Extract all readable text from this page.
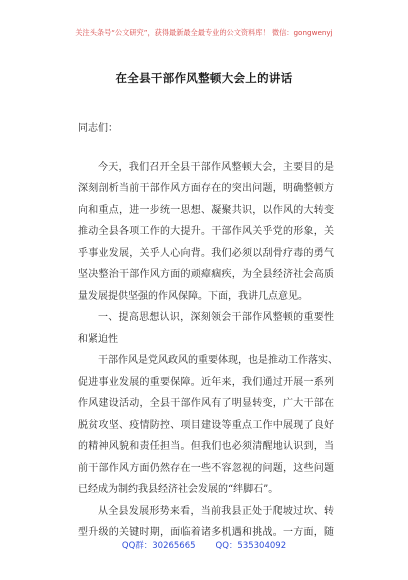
关注头条号“公文研究”，获得最新最全最专业的公文资料库！ 微信：gongwenyj
在全县干部作风整顿大会上的讲话
同志们：
今天，我们召开全县干部作风整顿大会，主要目的是
深刻剖析当前干部作风方面存在的突出问题，明确整顿方
向和重点，进一步统一思想、凝聚共识，以作风的大转变
推动全县各项工作的大提升。干部作风关乎党的形象，关
乎事业发展，关乎人心向背。我们必须以刮骨疗毒的勇气
坚决整治干部作风方面的顽瘴痼疾，为全县经济社会高质
量发展提供坚强的作风保障。下面，我讲几点意见。
一、提高思想认识，深刻领会干部作风整顿的重要性
和紧迫性
干部作风是党风政风的重要体现，也是推动工作落实、
促进事业发展的重要保障。近年来，我们通过开展一系列
作风建设活动，全县干部作风有了明显转变，广大干部在
脱贫攻坚、疫情防控、项目建设等重点工作中展现了良好
的精神风貌和责任担当。但我们也必须清醒地认识到，当
前干部作风方面仍然存在一些不容忽视的问题，这些问题
已经成为制约我县经济社会发展的“绊脚石”。
从全县发展形势来看，当前我县正处于爬坡过坎、转
型升级的关键时期，面临着诸多机遇和挑战。一方面，随
QQ群：30265665 QQ：535304092
